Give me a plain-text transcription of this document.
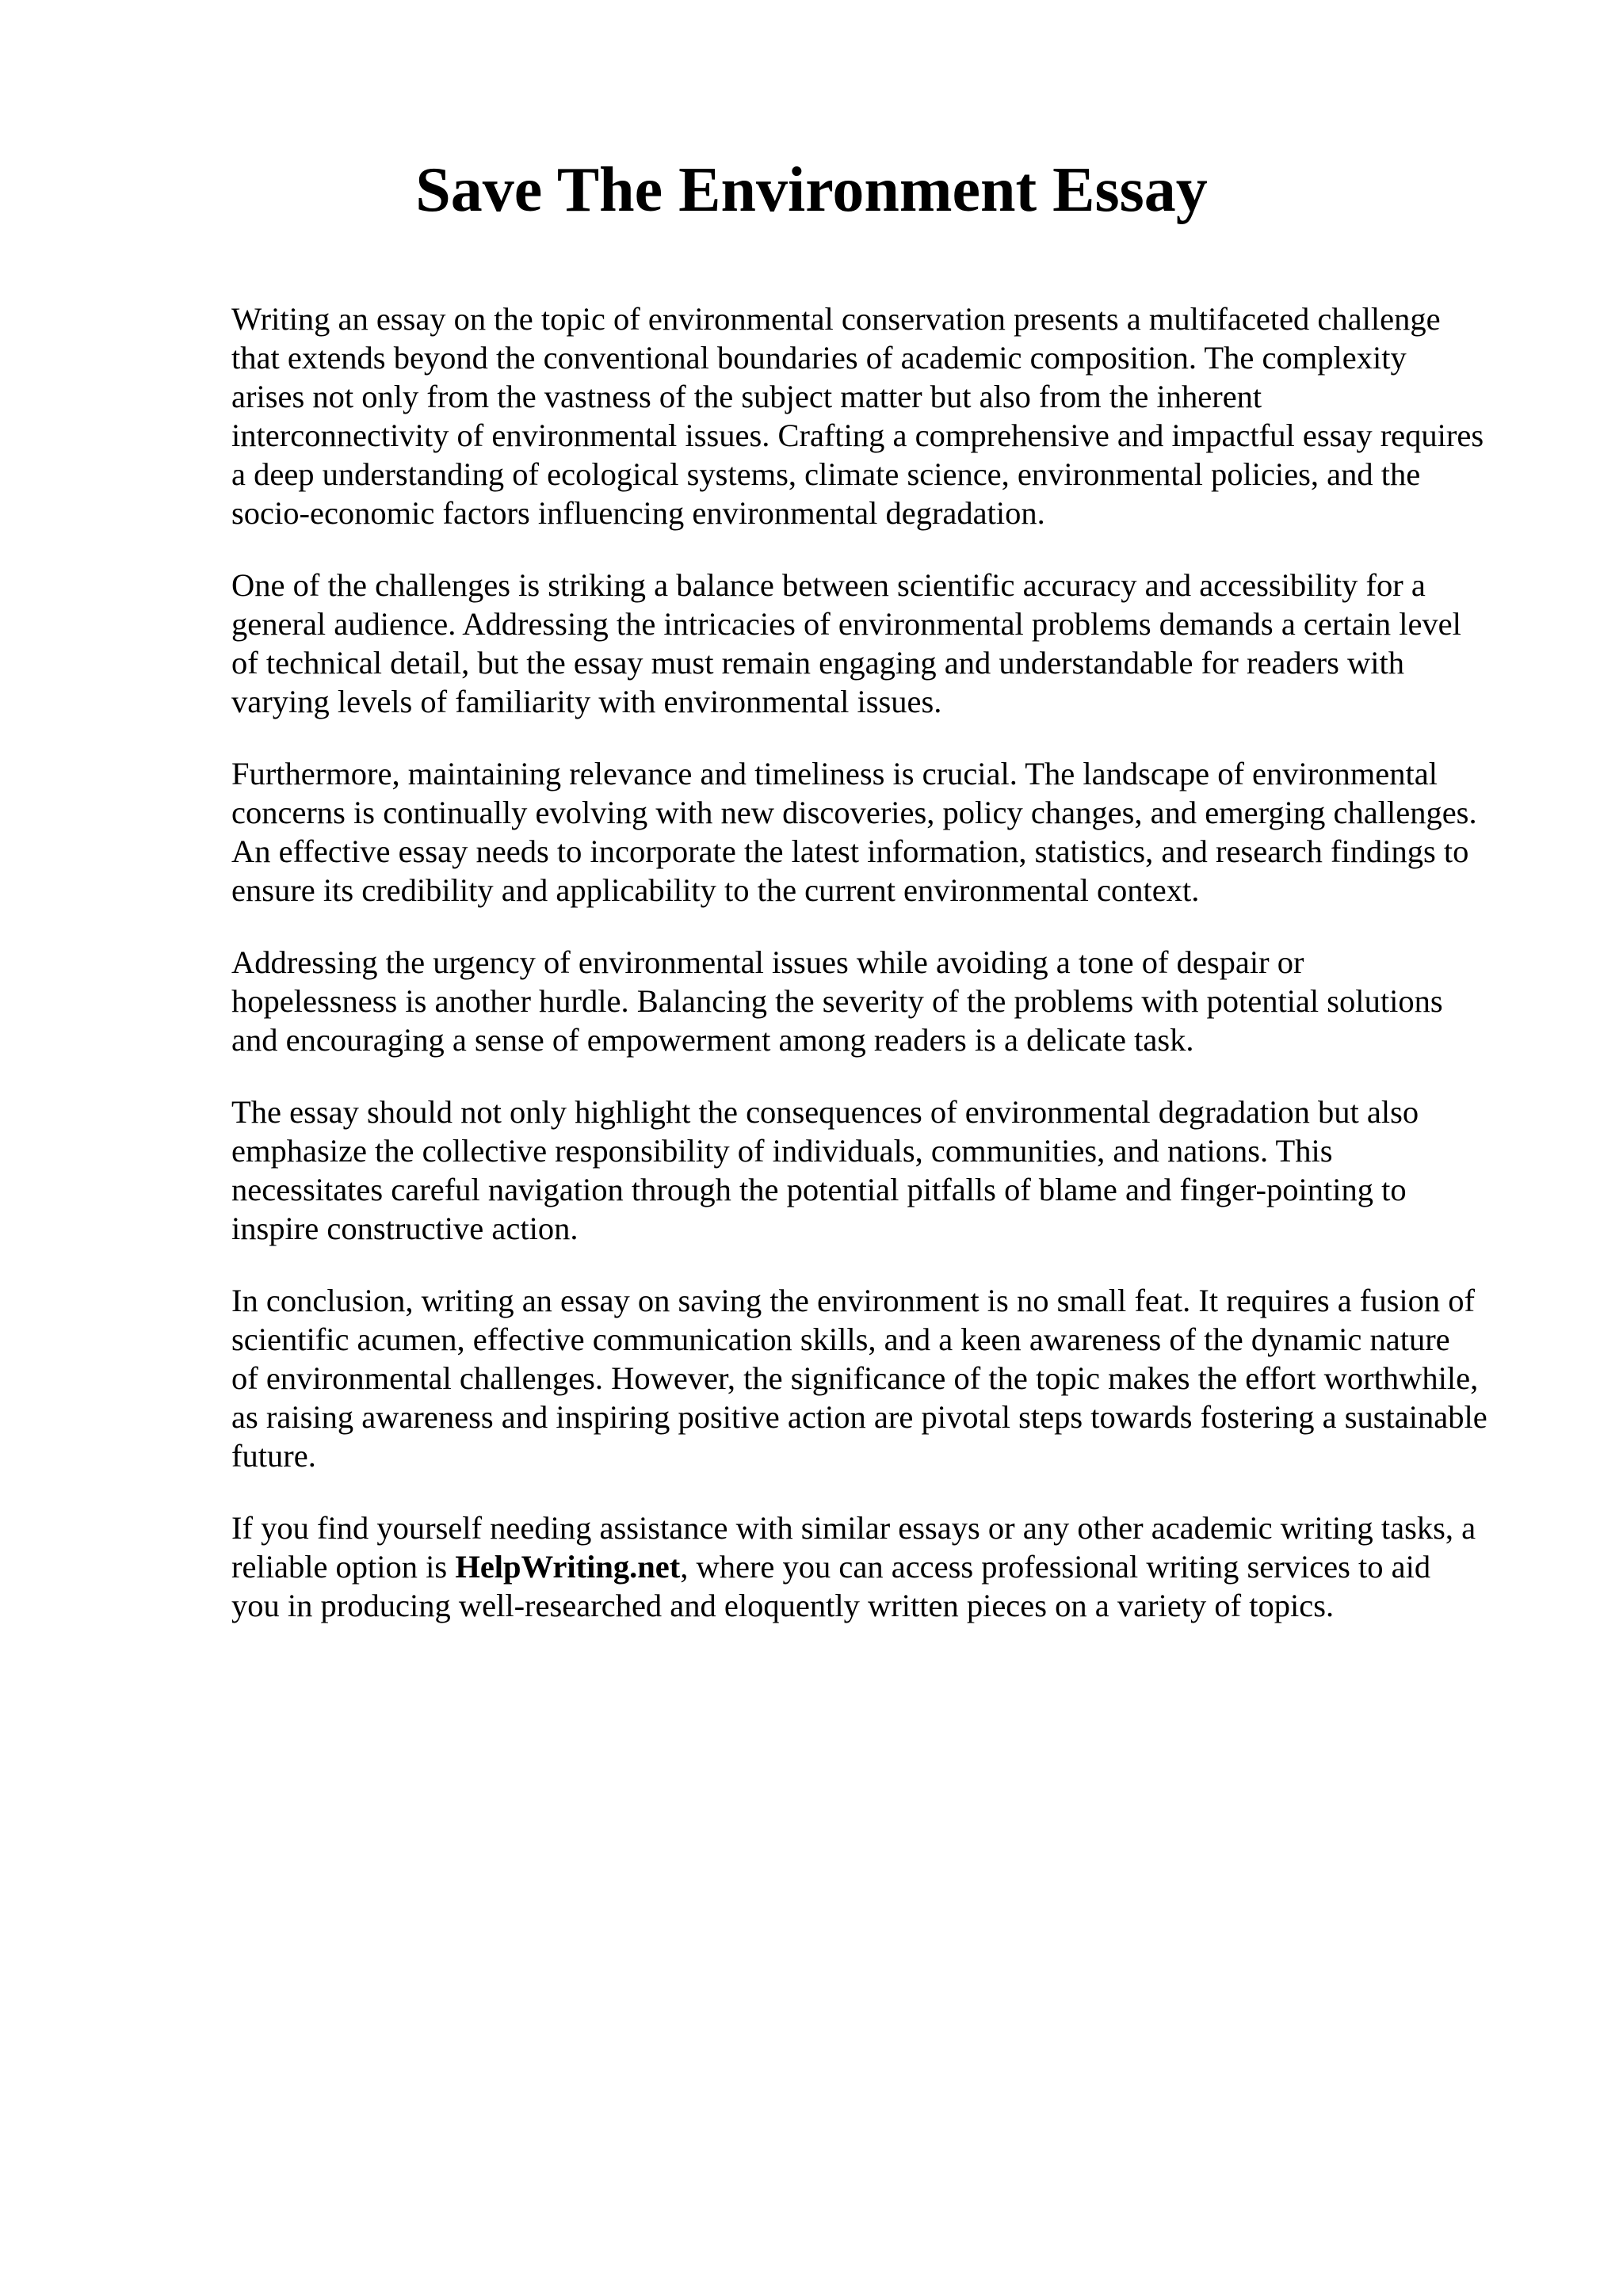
Save The Environment Essay

Writing an essay on the topic of environmental conservation presents a multifaceted challenge
that extends beyond the conventional boundaries of academic composition. The complexity
arises not only from the vastness of the subject matter but also from the inherent
interconnectivity of environmental issues. Crafting a comprehensive and impactful essay requires
a deep understanding of ecological systems, climate science, environmental policies, and the
socio-economic factors influencing environmental degradation.

One of the challenges is striking a balance between scientific accuracy and accessibility for a
general audience. Addressing the intricacies of environmental problems demands a certain level
of technical detail, but the essay must remain engaging and understandable for readers with
varying levels of familiarity with environmental issues.

Furthermore, maintaining relevance and timeliness is crucial. The landscape of environmental
concerns is continually evolving with new discoveries, policy changes, and emerging challenges.
An effective essay needs to incorporate the latest information, statistics, and research findings to
ensure its credibility and applicability to the current environmental context.

Addressing the urgency of environmental issues while avoiding a tone of despair or
hopelessness is another hurdle. Balancing the severity of the problems with potential solutions
and encouraging a sense of empowerment among readers is a delicate task.

The essay should not only highlight the consequences of environmental degradation but also
emphasize the collective responsibility of individuals, communities, and nations. This
necessitates careful navigation through the potential pitfalls of blame and finger-pointing to
inspire constructive action.

In conclusion, writing an essay on saving the environment is no small feat. It requires a fusion of
scientific acumen, effective communication skills, and a keen awareness of the dynamic nature
of environmental challenges. However, the significance of the topic makes the effort worthwhile,
as raising awareness and inspiring positive action are pivotal steps towards fostering a sustainable
future.

If you find yourself needing assistance with similar essays or any other academic writing tasks, a
reliable option is HelpWriting.net, where you can access professional writing services to aid
you in producing well-researched and eloquently written pieces on a variety of topics.
